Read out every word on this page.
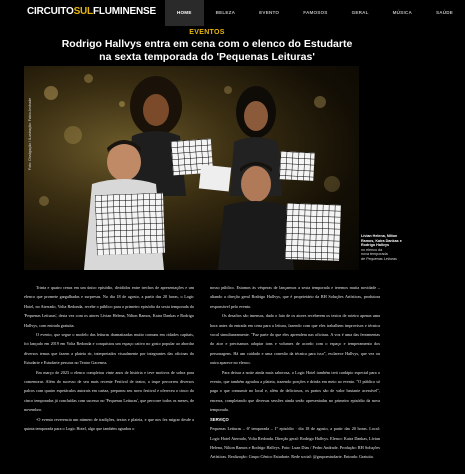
CIRCUITOSULFLUMINENSE	HOME	BELEZA	EVENTO	FAMOSOS	GERAL	MÚSICA	SAÚDE
EVENTOS
Rodrigo Hallvys entra em cena com o elenco do Estudarte
na sexta temporada do 'Pequenas Leituras'
Foto: Divulgação / ILustração: Fabio Andrade
Lívian Helena, Nilton Ramos, Kaira Dankas e Rodrigo Hallvys
no elenco da
nova temporada
de Pequenas Leituras

Trinta e quatro cenas em um único episódio, divididos entre trechos de apresentações e um elenco que promete gargalhadas e surpresas. No dia 18 de agosto, a partir das 20 horas, o Logic Hotel, no Aterrado, Volta Redonda, recebe o público para o primeiro episódio da sexta temporada do 'Pequenas Leituras', desta vez com os atores Lívian Helena, Nilton Ramos, Kaira Dankas e Rodrigo Hallvys, com entrada gratuita.

O evento, que segue o modelo das leituras dramatizadas muito comuns em cidades capitais, foi lançado em 2019 em Volta Redonda e conquistou um espaço cativo no gosto popular ao abordar diversos temas que fazem a plateia rir, interpretados visualmente por integrantes das oficinas do Estudarte e Estudarte pessoas no Teatro Gacemss.

Em março de 2023 o elenco completou vinte anos de história e teve motivos de sobra para comemorar. Além do sucesso de seu mais recente Festival de teatro, a trupe percorreu diversos palcos com quatro espetáculos autorais em cartaz, preparou seu novo festival e ofereceu o cinco do cinco temporadas já concluídas com sucesso no 'Pequenas Leituras', que percorre todos os meses, de novembro.

-O evento reverencia um número de tradições, textos e plateia, e que nos fez migrar desde a quinta temporada para o Logic Hotel, algo que também agradou o

nosso público. Estamos às vésperas de lançarmos a sexta temporada e teremos muita novidade – aliando a direção geral Rodrigo Hallvys, que é proprietário da RH Soluções Artísticas, produtora responsável pelo evento.

Os desafios são imensos, dado o fato de os atores receberem os textos de roteiro apenas uma hora antes da entrada em cena para a leitura, fazendo com que eles trabalhem improvisos e técnica vocal simultaneamente. "Faz parte do que eles aprendem nas oficinas. A voz é uma das ferramentas do ator e precisamos adaptar tons e volumes de acordo com o espaço e temperamento dos personagens. Há um cuidado e uma conexão da técnica para isso", esclarece Hallvys, que vez ou outra aparece no elenco.

Para deixar a noite ainda mais saborosa, o Logic Hotel também terá cardápio especial para o evento, que também agradou a plateia, trazendo porções e drinks em meio ao evento. "O público só paga o que consumir no local e, além de deliciosos, os pratos são de valor bastante acessível", encerra, completando que diversas sessões ainda serão apresentadas no primeiro episódio da nova temporada.

SERVIÇO

Pequenas Leituras – 6ª temporada – 1º episódio · dia 18 de agosto, a partir das 20 horas. Local: Logic Hotel Aterrado, Volta Redonda. Direção geral: Rodrigo Hallvys. Elenco: Kaira Dankas, Lívian Helena, Nilton Ramos e Rodrigo Hallvys. Foto: Luan Dias / Pedro Andrade. Produção: RH Soluções Artísticas. Realização: Grupo Cênico Estudarte. Rede social: @grupoestudarte. Entrada: Gratuita.
